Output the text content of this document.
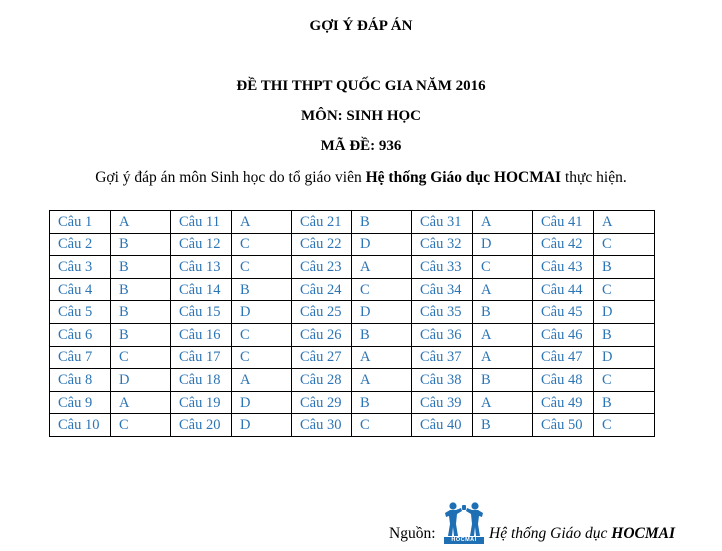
GỢI Ý ĐÁP ÁN
ĐỀ THI THPT QUỐC GIA NĂM 2016
MÔN: SINH HỌC
MÃ ĐỀ: 936
Gợi ý đáp án môn Sinh học do tổ giáo viên Hệ thống Giáo dục HOCMAI thực hiện.
Câu 1	A	Câu 11	A	Câu 21	B	Câu 31	A	Câu 41	A
Câu 2	B	Câu 12	C	Câu 22	D	Câu 32	D	Câu 42	C
Câu 3	B	Câu 13	C	Câu 23	A	Câu 33	C	Câu 43	B
Câu 4	B	Câu 14	B	Câu 24	C	Câu 34	A	Câu 44	C
Câu 5	B	Câu 15	D	Câu 25	D	Câu 35	B	Câu 45	D
Câu 6	B	Câu 16	C	Câu 26	B	Câu 36	A	Câu 46	B
Câu 7	C	Câu 17	C	Câu 27	A	Câu 37	A	Câu 47	D
Câu 8	D	Câu 18	A	Câu 28	A	Câu 38	B	Câu 48	C
Câu 9	A	Câu 19	D	Câu 29	B	Câu 39	A	Câu 49	B
Câu 10	C	Câu 20	D	Câu 30	C	Câu 40	B	Câu 50	C
Nguồn:	HOCMAI Hệ thống Giáo dục HOCMAI
